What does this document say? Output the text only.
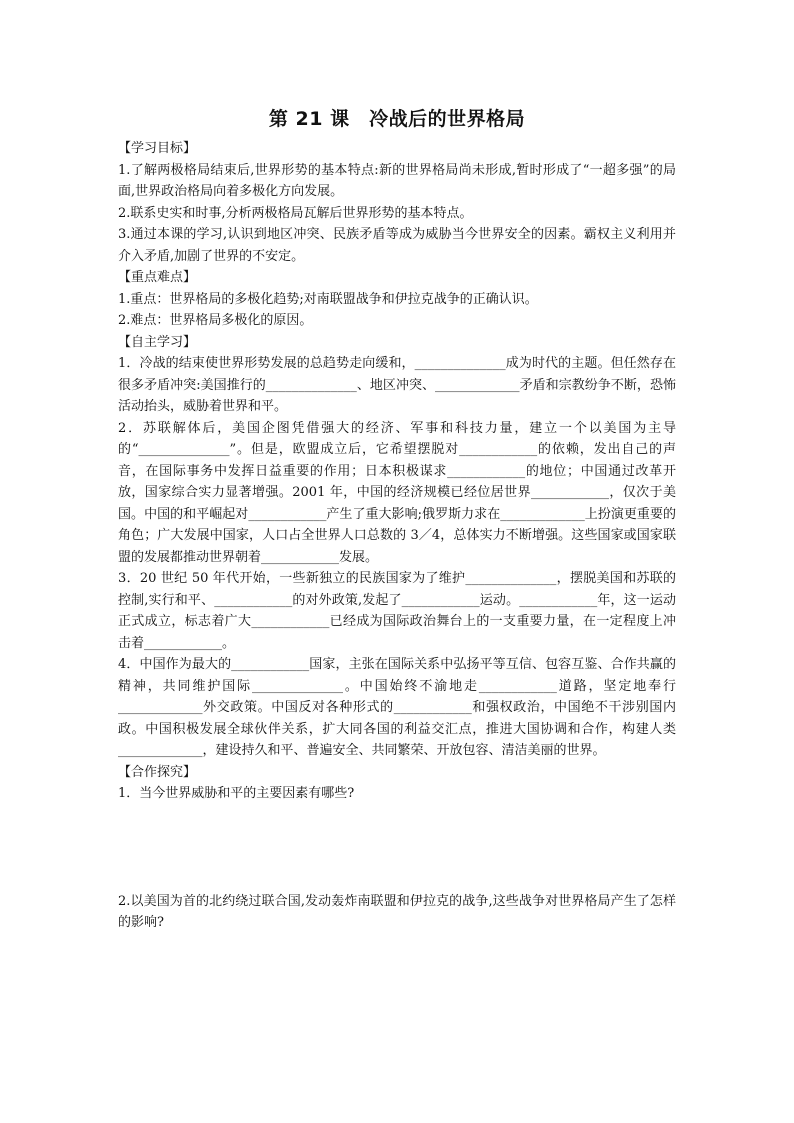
第 21 课　冷战后的世界格局
【学习目标】
1.了解两极格局结束后,世界形势的基本特点:新的世界格局尚未形成,暂时形成了“一超多强”的局面,世界政治格局向着多极化方向发展。
2.联系史实和时事,分析两极格局瓦解后世界形势的基本特点。
3.通过本课的学习,认识到地区冲突、民族矛盾等成为威胁当今世界安全的因素。霸权主义利用并介入矛盾,加剧了世界的不安定。
【重点难点】
1.重点：世界格局的多极化趋势;对南联盟战争和伊拉克战争的正确认识。
2.难点：世界格局多极化的原因。
【自主学习】
1．冷战的结束使世界形势发展的总趋势走向缓和，______________成为时代的主题。但任然存在很多矛盾冲突:美国推行的______________、地区冲突、_____________矛盾和宗教纷争不断，恐怖活动抬头，威胁着世界和平。
2．苏联解体后，美国企图凭借强大的经济、军事和科技力量，建立一个以美国为主导的“______________”。但是，欧盟成立后，它希望摆脱对____________的依赖，发出自己的声音，在国际事务中发挥日益重要的作用；日本积极谋求____________的地位；中国通过改革开放，国家综合实力显著增强。2001 年，中国的经济规模已经位居世界____________，仅次于美国。中国的和平崛起对____________产生了重大影响;俄罗斯力求在_____________上扮演更重要的角色；广大发展中国家，人口占全世界人口总数的 3／4，总体实力不断增强。这些国家或国家联盟的发展都推动世界朝着____________发展。
3．20 世纪 50 年代开始，一些新独立的民族国家为了维护______________，摆脱美国和苏联的控制,实行和平、____________的对外政策,发起了____________运动。____________年，这一运动正式成立，标志着广大____________已经成为国际政治舞台上的一支重要力量，在一定程度上冲击着____________。
4．中国作为最大的____________国家，主张在国际关系中弘扬平等互信、包容互鉴、合作共赢的精神，共同维护国际______________。中国始终不渝地走____________道路，坚定地奉行_____________外交政策。中国反对各种形式的____________和强权政治，中国绝不干涉别国内政。中国积极发展全球伙伴关系，扩大同各国的利益交汇点，推进大国协调和合作，构建人类_____________，建设持久和平、普遍安全、共同繁荣、开放包容、清洁美丽的世界。
【合作探究】
1．当今世界威胁和平的主要因素有哪些?
2.以美国为首的北约绕过联合国,发动轰炸南联盟和伊拉克的战争,这些战争对世界格局产生了怎样的影响?
